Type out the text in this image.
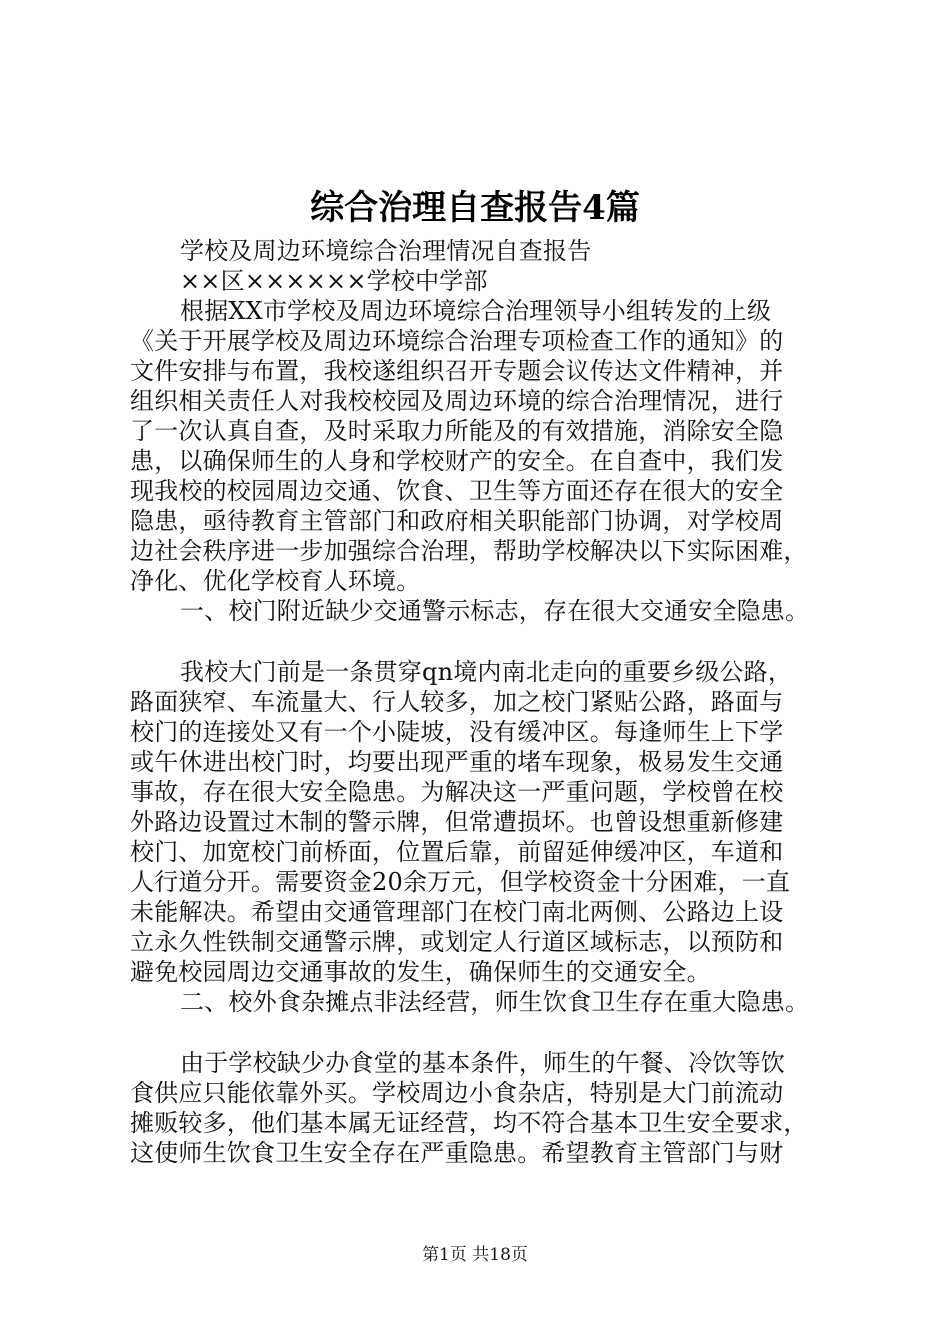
综合治理自查报告4篇
学校及周边环境综合治理情况自查报告
××区××××××学校中学部
根据XX市学校及周边环境综合治理领导小组转发的上级
《关于开展学校及周边环境综合治理专项检查工作的通知》的
文件安排与布置，我校遂组织召开专题会议传达文件精神，并
组织相关责任人对我校校园及周边环境的综合治理情况，进行
了一次认真自查，及时采取力所能及的有效措施，消除安全隐
患，以确保师生的人身和学校财产的安全。在自查中，我们发
现我校的校园周边交通、饮食、卫生等方面还存在很大的安全
隐患，亟待教育主管部门和政府相关职能部门协调，对学校周
边社会秩序进一步加强综合治理，帮助学校解决以下实际困难，
净化、优化学校育人环境。
一、校门附近缺少交通警示标志，存在很大交通安全隐患。
我校大门前是一条贯穿qn境内南北走向的重要乡级公路，
路面狭窄、车流量大、行人较多，加之校门紧贴公路，路面与
校门的连接处又有一个小陡坡，没有缓冲区。每逢师生上下学
或午休进出校门时，均要出现严重的堵车现象，极易发生交通
事故，存在很大安全隐患。为解决这一严重问题，学校曾在校
外路边设置过木制的警示牌，但常遭损坏。也曾设想重新修建
校门、加宽校门前桥面，位置后靠，前留延伸缓冲区，车道和
人行道分开。需要资金20余万元，但学校资金十分困难，一直
未能解决。希望由交通管理部门在校门南北两侧、公路边上设
立永久性铁制交通警示牌，或划定人行道区域标志，以预防和
避免校园周边交通事故的发生，确保师生的交通安全。
二、校外食杂摊点非法经营，师生饮食卫生存在重大隐患。
由于学校缺少办食堂的基本条件，师生的午餐、冷饮等饮
食供应只能依靠外买。学校周边小食杂店，特别是大门前流动
摊贩较多，他们基本属无证经营，均不符合基本卫生安全要求，
这使师生饮食卫生安全存在严重隐患。希望教育主管部门与财
第1页 共18页
